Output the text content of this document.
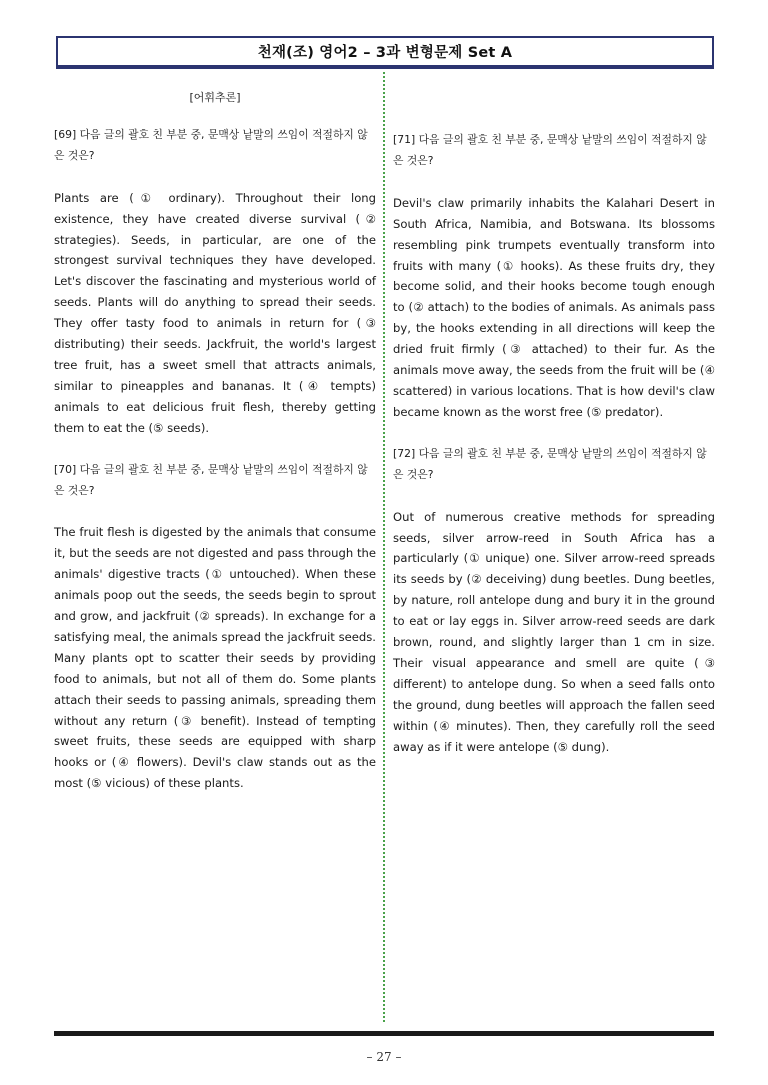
천재(조) 영어2 – 3과 변형문제 Set A
[어휘추론]

[69] 다음 글의 괄호 친 부분 중, 문맥상 낱말의 쓰임이 적절하지 않은 것은?

Plants are (① ordinary). Throughout their long existence, they have created diverse survival (② strategies). Seeds, in particular, are one of the strongest survival techniques they have developed. Let's discover the fascinating and mysterious world of seeds. Plants will do anything to spread their seeds. They offer tasty food to animals in return for (③ distributing) their seeds. Jackfruit, the world's largest tree fruit, has a sweet smell that attracts animals, similar to pineapples and bananas. It (④ tempts) animals to eat delicious fruit flesh, thereby getting them to eat the (⑤ seeds).

[70] 다음 글의 괄호 친 부분 중, 문맥상 낱말의 쓰임이 적절하지 않은 것은?

The fruit flesh is digested by the animals that consume it, but the seeds are not digested and pass through the animals' digestive tracts (① untouched). When these animals poop out the seeds, the seeds begin to sprout and grow, and jackfruit (② spreads). In exchange for a satisfying meal, the animals spread the jackfruit seeds. Many plants opt to scatter their seeds by providing food to animals, but not all of them do. Some plants attach their seeds to passing animals, spreading them without any return (③ benefit). Instead of tempting sweet fruits, these seeds are equipped with sharp hooks or (④ flowers). Devil's claw stands out as the most (⑤ vicious) of these plants.

[71] 다음 글의 괄호 친 부분 중, 문맥상 낱말의 쓰임이 적절하지 않은 것은?

Devil's claw primarily inhabits the Kalahari Desert in South Africa, Namibia, and Botswana. Its blossoms resembling pink trumpets eventually transform into fruits with many (① hooks). As these fruits dry, they become solid, and their hooks become tough enough to (② attach) to the bodies of animals. As animals pass by, the hooks extending in all directions will keep the dried fruit firmly (③ attached) to their fur. As the animals move away, the seeds from the fruit will be (④ scattered) in various locations. That is how devil's claw became known as the worst free (⑤ predator).

[72] 다음 글의 괄호 친 부분 중, 문맥상 낱말의 쓰임이 적절하지 않은 것은?

Out of numerous creative methods for spreading seeds, silver arrow-reed in South Africa has a particularly (① unique) one. Silver arrow-reed spreads its seeds by (② deceiving) dung beetles. Dung beetles, by nature, roll antelope dung and bury it in the ground to eat or lay eggs in. Silver arrow-reed seeds are dark brown, round, and slightly larger than 1 cm in size. Their visual appearance and smell are quite (③ different) to antelope dung. So when a seed falls onto the ground, dung beetles will approach the fallen seed within (④ minutes). Then, they carefully roll the seed away as if it were antelope (⑤ dung).

– 27 –
